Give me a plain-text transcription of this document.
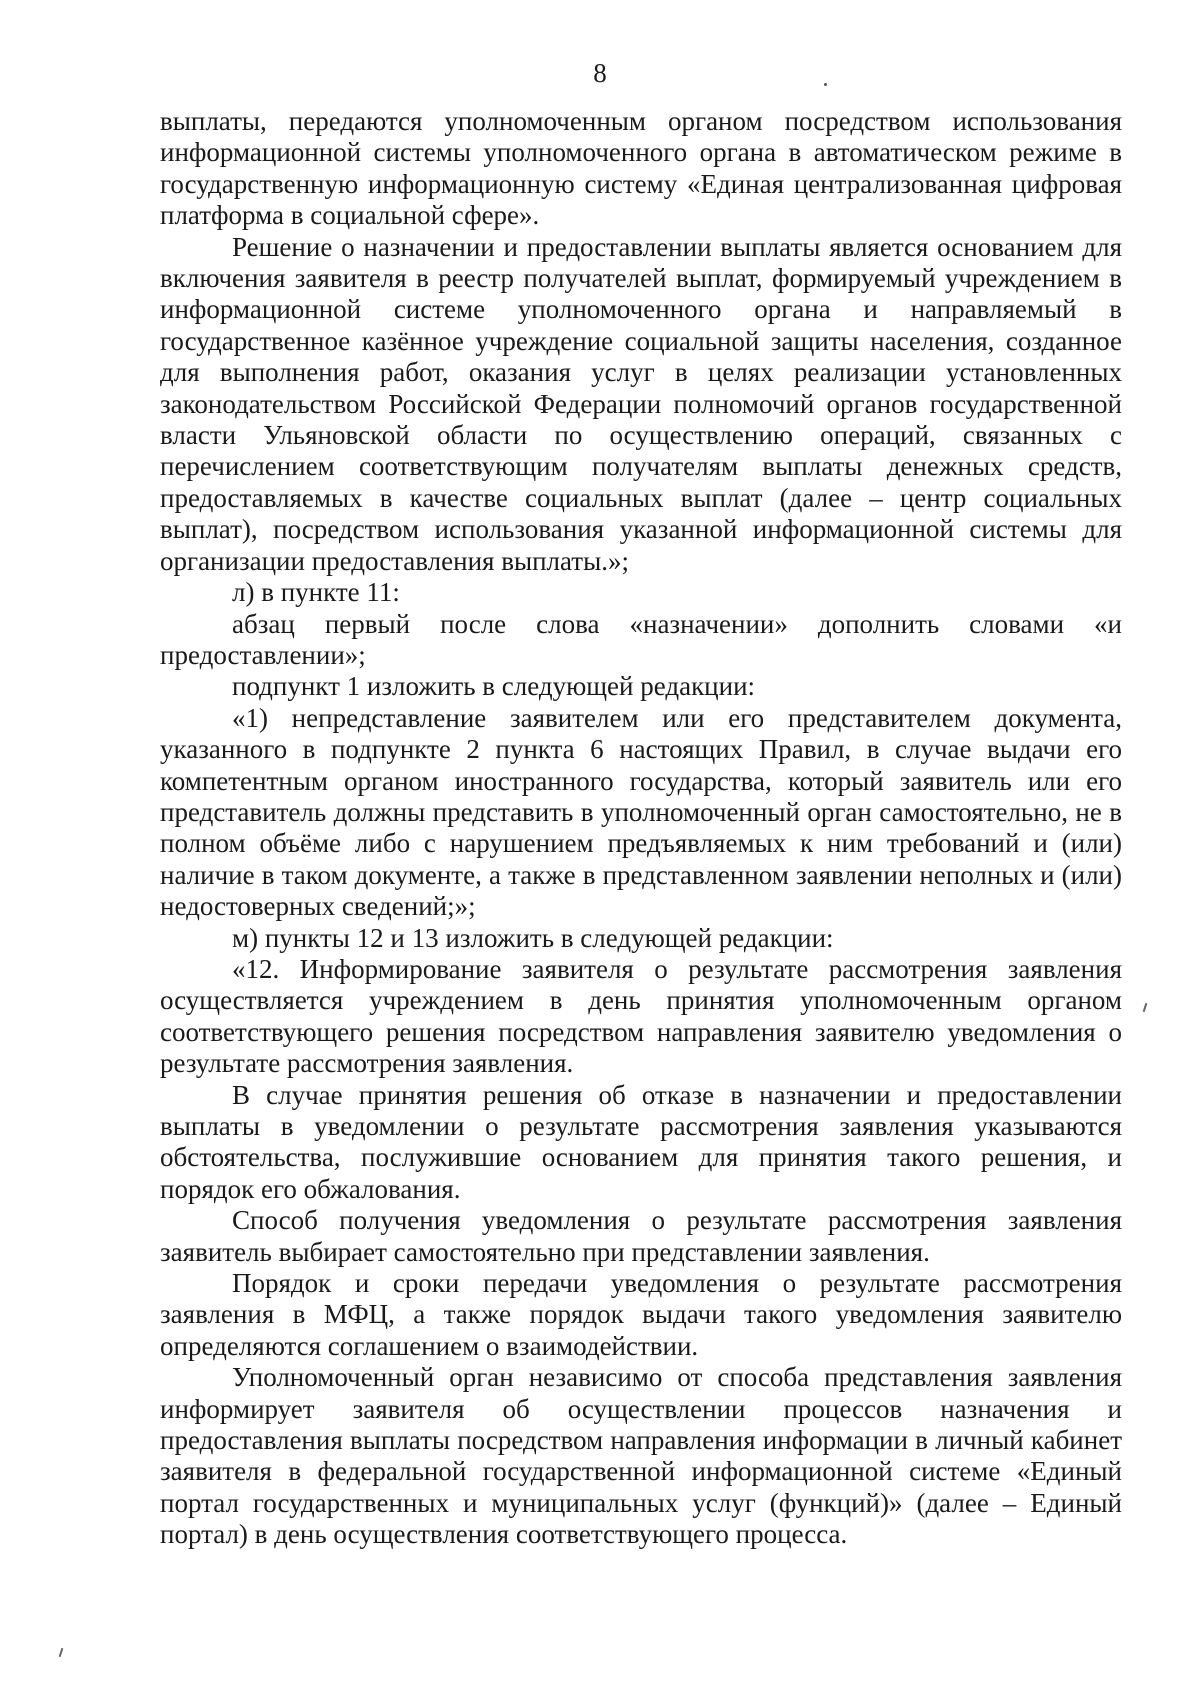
8

выплаты, передаются уполномоченным органом посредством использования информационной системы уполномоченного органа в автоматическом режиме в государственную информационную систему «Единая централизованная цифровая платформа в социальной сфере».

Решение о назначении и предоставлении выплаты является основанием для включения заявителя в реестр получателей выплат, формируемый учреждением в информационной системе уполномоченного органа и направляемый в государственное казённое учреждение социальной защиты населения, созданное для выполнения работ, оказания услуг в целях реализации установленных законодательством Российской Федерации полномочий органов государственной власти Ульяновской области по осуществлению операций, связанных с перечислением соответствующим получателям выплаты денежных средств, предоставляемых в качестве социальных выплат (далее – центр социальных выплат), посредством использования указанной информационной системы для организации предоставления выплаты.»;

л) в пункте 11:

абзац первый после слова «назначении» дополнить словами «и предоставлении»;

подпункт 1 изложить в следующей редакции:

«1) непредставление заявителем или его представителем документа, указанного в подпункте 2 пункта 6 настоящих Правил, в случае выдачи его компетентным органом иностранного государства, который заявитель или его представитель должны представить в уполномоченный орган самостоятельно, не в полном объёме либо с нарушением предъявляемых к ним требований и (или) наличие в таком документе, а также в представленном заявлении неполных и (или) недостоверных сведений;»;

м) пункты 12 и 13 изложить в следующей редакции:

«12. Информирование заявителя о результате рассмотрения заявления осуществляется учреждением в день принятия уполномоченным органом соответствующего решения посредством направления заявителю уведомления о результате рассмотрения заявления.

В случае принятия решения об отказе в назначении и предоставлении выплаты в уведомлении о результате рассмотрения заявления указываются обстоятельства, послужившие основанием для принятия такого решения, и порядок его обжалования.

Способ получения уведомления о результате рассмотрения заявления заявитель выбирает самостоятельно при представлении заявления.

Порядок и сроки передачи уведомления о результате рассмотрения заявления в МФЦ, а также порядок выдачи такого уведомления заявителю определяются соглашением о взаимодействии.

Уполномоченный орган независимо от способа представления заявления информирует заявителя об осуществлении процессов назначения и предоставления выплаты посредством направления информации в личный кабинет заявителя в федеральной государственной информационной системе «Единый портал государственных и муниципальных услуг (функций)» (далее – Единый портал) в день осуществления соответствующего процесса.
